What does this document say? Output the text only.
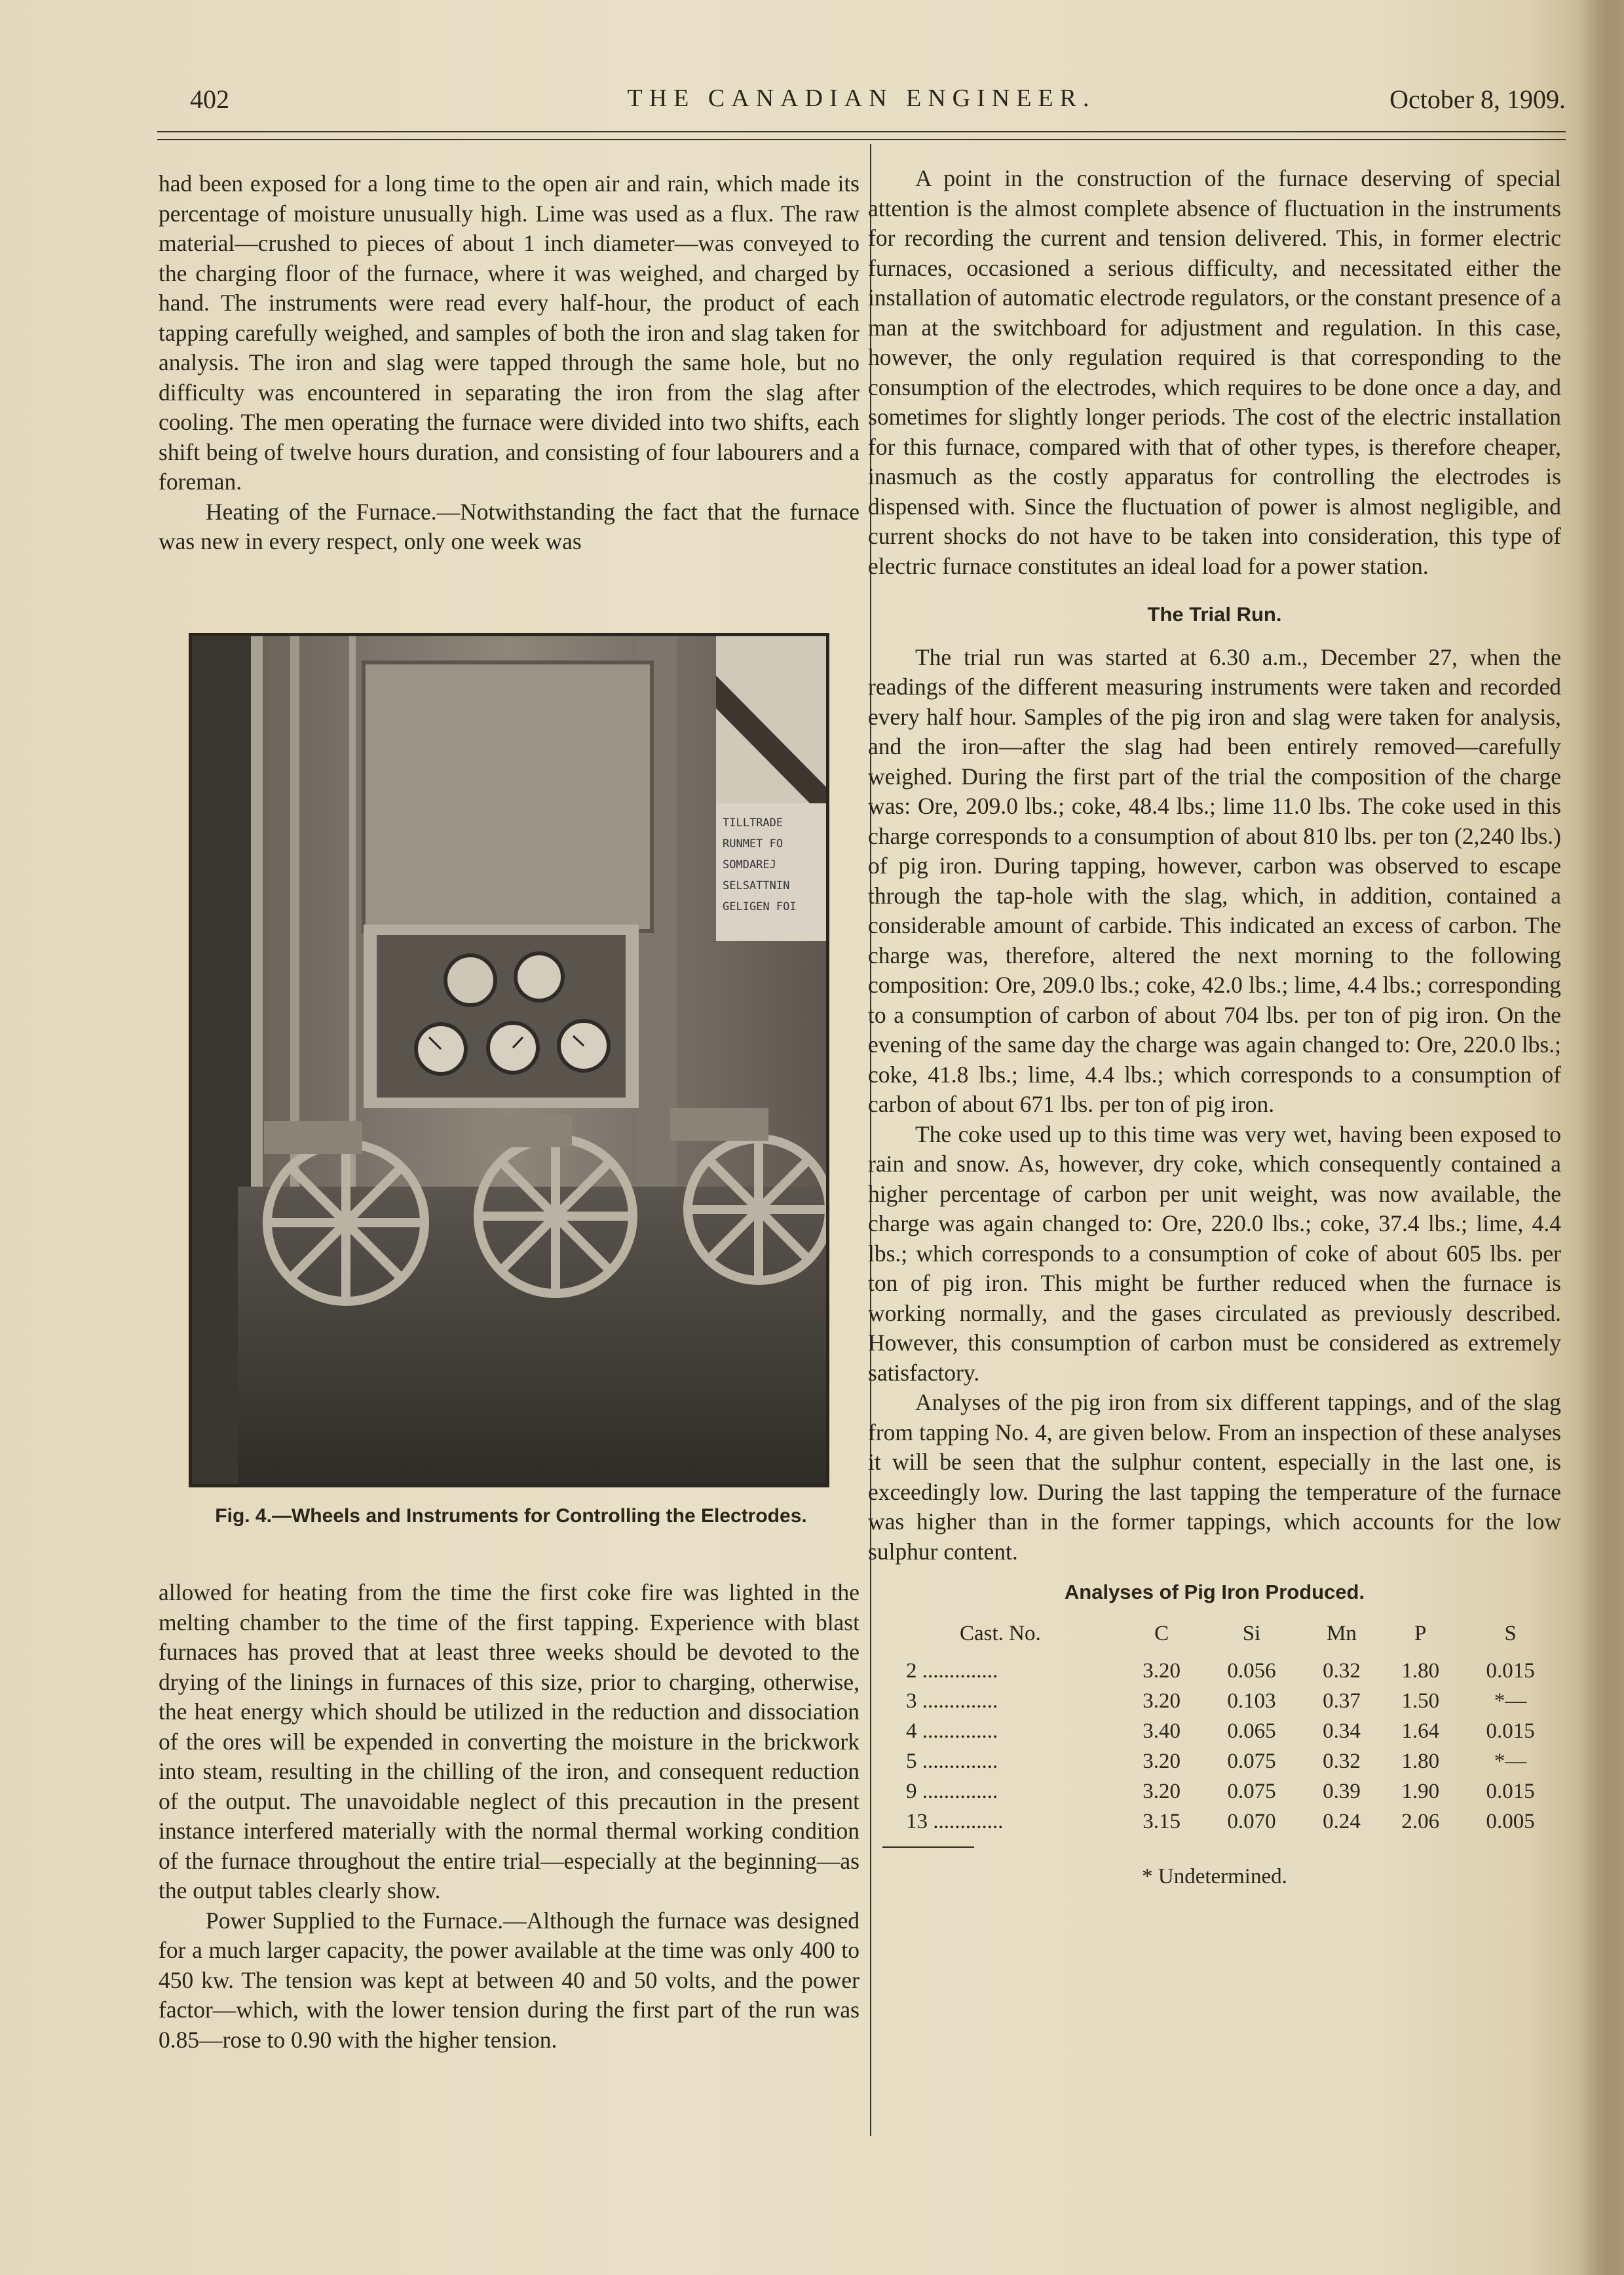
402	THE CANADIAN ENGINEER.	October 8, 1909.

had been exposed for a long time to the open air and rain, which made its percentage of moisture unusually high. Lime was used as a flux. The raw material—crushed to pieces of about 1 inch diameter—was conveyed to the charging floor of the furnace, where it was weighed, and charged by hand. The instruments were read every half-hour, the product of each tapping carefully weighed, and samples of both the iron and slag taken for analysis. The iron and slag were tapped through the same hole, but no difficulty was encountered in separating the iron from the slag after cooling. The men operating the furnace were divided into two shifts, each shift being of twelve hours duration, and consisting of four labourers and a foreman.

Heating of the Furnace.—Notwithstanding the fact that the furnace was new in every respect, only one week was

TILLTRADE
RUNMET FO
SOMDAREJ
SELSATTNIN
GELIGEN FOI
Fig. 4.—Wheels and Instruments for Controlling the Electrodes.

allowed for heating from the time the first coke fire was lighted in the melting chamber to the time of the first tapping. Experience with blast furnaces has proved that at least three weeks should be devoted to the drying of the linings in furnaces of this size, prior to charging, otherwise, the heat energy which should be utilized in the reduction and dissociation of the ores will be expended in converting the moisture in the brickwork into steam, resulting in the chilling of the iron, and consequent reduction of the output. The unavoidable neglect of this precaution in the present instance interfered materially with the normal thermal working condition of the furnace throughout the entire trial—especially at the beginning—as the output tables clearly show.

Power Supplied to the Furnace.—Although the furnace was designed for a much larger capacity, the power available at the time was only 400 to 450 kw. The tension was kept at between 40 and 50 volts, and the power factor—which, with the lower tension during the first part of the run was 0.85—rose to 0.90 with the higher tension.

A point in the construction of the furnace deserving of special attention is the almost complete absence of fluctuation in the instruments for recording the current and tension delivered. This, in former electric furnaces, occasioned a serious difficulty, and necessitated either the installation of automatic electrode regulators, or the constant presence of a man at the switchboard for adjustment and regulation. In this case, however, the only regulation required is that corresponding to the consumption of the electrodes, which requires to be done once a day, and sometimes for slightly longer periods. The cost of the electric installation for this furnace, compared with that of other types, is therefore cheaper, inasmuch as the costly apparatus for controlling the electrodes is dispensed with. Since the fluctuation of power is almost negligible, and current shocks do not have to be taken into consideration, this type of electric furnace constitutes an ideal load for a power station.

The Trial Run.

The trial run was started at 6.30 a.m., December 27, when the readings of the different measuring instruments were taken and recorded every half hour. Samples of the pig iron and slag were taken for analysis, and the iron—after the slag had been entirely removed—carefully weighed. During the first part of the trial the composition of the charge was: Ore, 209.0 lbs.; coke, 48.4 lbs.; lime 11.0 lbs. The coke used in this charge corresponds to a consumption of about 810 lbs. per ton (2,240 lbs.) of pig iron. During tapping, however, carbon was observed to escape through the tap-hole with the slag, which, in addition, contained a considerable amount of carbide. This indicated an excess of carbon. The charge was, therefore, altered the next morning to the following composition: Ore, 209.0 lbs.; coke, 42.0 lbs.; lime, 4.4 lbs.; corresponding to a consumption of carbon of about 704 lbs. per ton of pig iron. On the evening of the same day the charge was again changed to: Ore, 220.0 lbs.; coke, 41.8 lbs.; lime, 4.4 lbs.; which corresponds to a consumption of carbon of about 671 lbs. per ton of pig iron.

The coke used up to this time was very wet, having been exposed to rain and snow. As, however, dry coke, which consequently contained a higher percentage of carbon per unit weight, was now available, the charge was again changed to: Ore, 220.0 lbs.; coke, 37.4 lbs.; lime, 4.4 lbs.; which corresponds to a consumption of coke of about 605 lbs. per ton of pig iron. This might be further reduced when the furnace is working normally, and the gases circulated as previously described. However, this consumption of carbon must be considered as extremely satisfactory.

Analyses of the pig iron from six different tappings, and of the slag from tapping No. 4, are given below. From an inspection of these analyses it will be seen that the sulphur content, especially in the last one, is exceedingly low. During the last tapping the temperature of the furnace was higher than in the former tappings, which accounts for the low sulphur content.

Analyses of Pig Iron Produced.
Cast. No.	C	Si	Mn	P	S
2 ..............	3.20	0.056	0.32	1.80	0.015
3 ..............	3.20	0.103	0.37	1.50	*—
4 ..............	3.40	0.065	0.34	1.64	0.015
5 ..............	3.20	0.075	0.32	1.80	*—
9 ..............	3.20	0.075	0.39	1.90	0.015
13 .............	3.15	0.070	0.24	2.06	0.005
* Undetermined.
